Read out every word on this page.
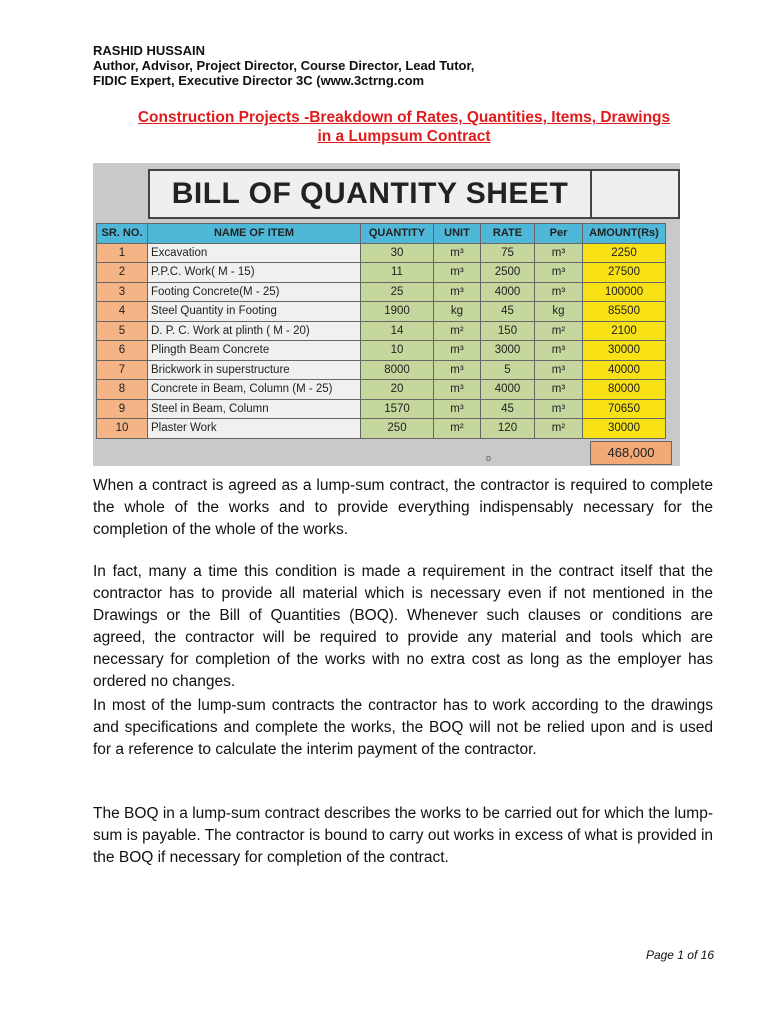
RASHID HUSSAIN
Author, Advisor, Project Director, Course Director, Lead Tutor,
FIDIC Expert, Executive Director 3C (www.3ctrng.com
Construction Projects -Breakdown of Rates, Quantities, Items, Drawings
in a Lumpsum Contract
BILL OF QUANTITY SHEET
SR. NO.	NAME OF ITEM	QUANTITY	UNIT	RATE	Per	AMOUNT(Rs)
1	Excavation	30	m³	75	m³	2250
2	P.P.C. Work( M - 15)	11	m³	2500	m³	27500
3	Footing Concrete(M - 25)	25	m³	4000	m³	100000
4	Steel Quantity in Footing	1900	kg	45	kg	85500
5	D. P. C. Work at plinth ( M - 20)	14	m²	150	m²	2100
6	Plingth Beam Concrete	10	m³	3000	m³	30000
7	Brickwork in superstructure	8000	m³	5	m³	40000
8	Concrete in Beam, Column (M - 25)	20	m³	4000	m³	80000
9	Steel in Beam, Column	1570	m³	45	m³	70650
10	Plaster Work	250	m²	120	m²	30000
o	468,000
When a contract is agreed as a lump-sum contract, the contractor is required to complete the whole of the works and to provide everything indispensably necessary for the completion of the whole of the works.
In fact, many a time this condition is made a requirement in the contract itself that the contractor has to provide all material which is necessary even if not mentioned in the Drawings or the Bill of Quantities (BOQ). Whenever such clauses or conditions are agreed, the contractor will be required to provide any material and tools which are necessary for completion of the works with no extra cost as long as the employer has ordered no changes.
In most of the lump-sum contracts the contractor has to work according to the drawings and specifications and complete the works, the BOQ will not be relied upon and is used for a reference to calculate the interim payment of the contractor.
The BOQ in a lump-sum contract describes the works to be carried out for which the lump-sum is payable. The contractor is bound to carry out works in excess of what is provided in the BOQ if necessary for completion of the contract.
Page 1 of 16
